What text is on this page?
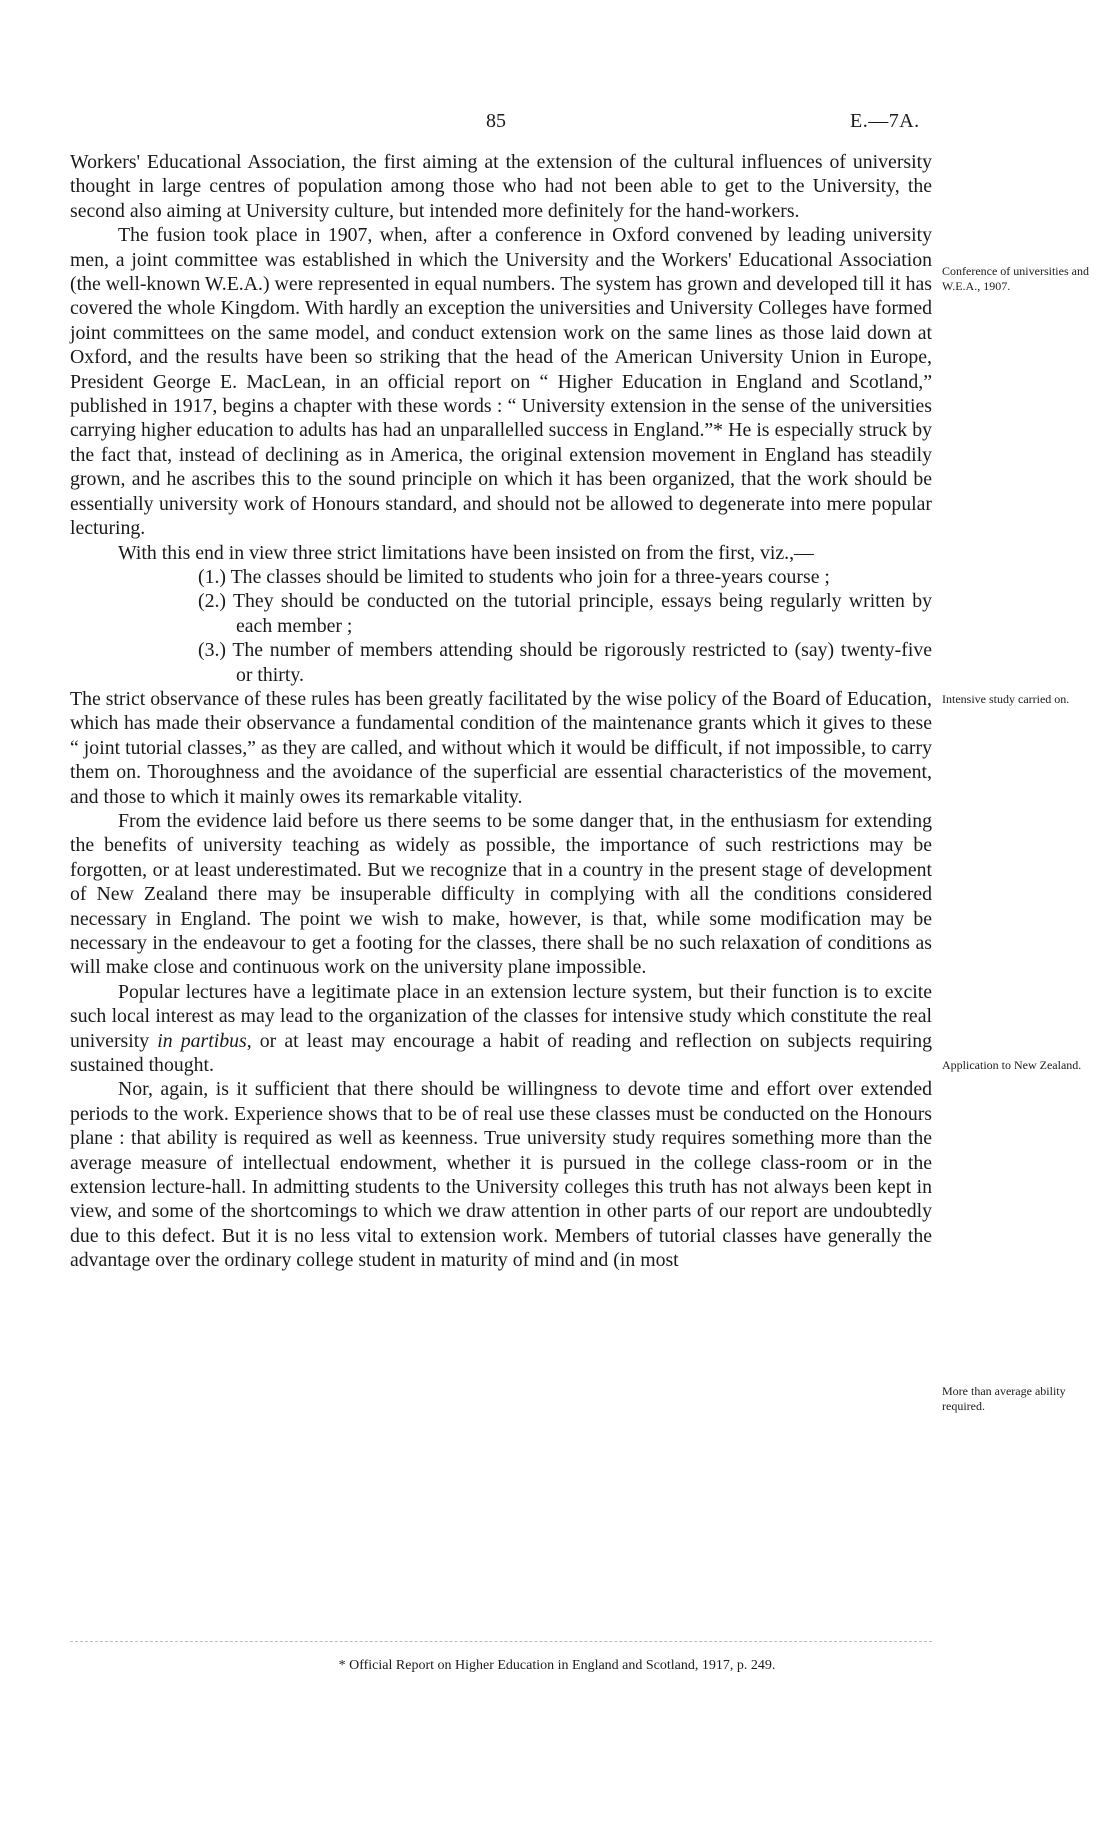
85	E.—7A.

Workers' Educational Association, the first aiming at the extension of the cultural influences of university thought in large centres of population among those who had not been able to get to the University, the second also aiming at University culture, but intended more definitely for the hand-workers.

The fusion took place in 1907, when, after a conference in Oxford convened by leading university men, a joint committee was established in which the University and the Workers' Educational Association (the well-known W.E.A.) were represented in equal numbers. The system has grown and developed till it has covered the whole Kingdom. With hardly an exception the universities and University Colleges have formed joint committees on the same model, and conduct extension work on the same lines as those laid down at Oxford, and the results have been so striking that the head of the American University Union in Europe, President George E. MacLean, in an official report on “ Higher Education in England and Scotland,” published in 1917, begins a chapter with these words : “ University extension in the sense of the universities carrying higher education to adults has had an unparallelled success in England.”* He is especially struck by the fact that, instead of declining as in America, the original extension movement in England has steadily grown, and he ascribes this to the sound principle on which it has been organized, that the work should be essentially university work of Honours standard, and should not be allowed to degenerate into mere popular lecturing.

With this end in view three strict limitations have been insisted on from the first, viz.,—

(1.) The classes should be limited to students who join for a three-years course ;
(2.) They should be conducted on the tutorial principle, essays being regularly written by each member ;
(3.) The number of members attending should be rigorously restricted to (say) twenty-five or thirty.

The strict observance of these rules has been greatly facilitated by the wise policy of the Board of Education, which has made their observance a fundamental condition of the maintenance grants which it gives to these “ joint tutorial classes,” as they are called, and without which it would be difficult, if not impossible, to carry them on. Thoroughness and the avoidance of the superficial are essential characteristics of the movement, and those to which it mainly owes its remarkable vitality.

From the evidence laid before us there seems to be some danger that, in the enthusiasm for extending the benefits of university teaching as widely as possible, the importance of such restrictions may be forgotten, or at least underestimated. But we recognize that in a country in the present stage of development of New Zealand there may be insuperable difficulty in complying with all the conditions considered necessary in England. The point we wish to make, however, is that, while some modification may be necessary in the endeavour to get a footing for the classes, there shall be no such relaxation of conditions as will make close and continuous work on the university plane impossible.

Popular lectures have a legitimate place in an extension lecture system, but their function is to excite such local interest as may lead to the organization of the classes for intensive study which constitute the real university in partibus, or at least may encourage a habit of reading and reflection on subjects requiring sustained thought.

Nor, again, is it sufficient that there should be willingness to devote time and effort over extended periods to the work. Experience shows that to be of real use these classes must be conducted on the Honours plane : that ability is required as well as keenness. True university study requires something more than the average measure of intellectual endowment, whether it is pursued in the college class-room or in the extension lecture-hall. In admitting students to the University colleges this truth has not always been kept in view, and some of the shortcomings to which we draw attention in other parts of our report are undoubtedly due to this defect. But it is no less vital to extension work. Members of tutorial classes have generally the advantage over the ordinary college student in maturity of mind and (in most

Conference of universities and W.E.A., 1907.
Intensive study carried on.
Application to New Zealand.
More than average ability required.
* Official Report on Higher Education in England and Scotland, 1917, p. 249.
